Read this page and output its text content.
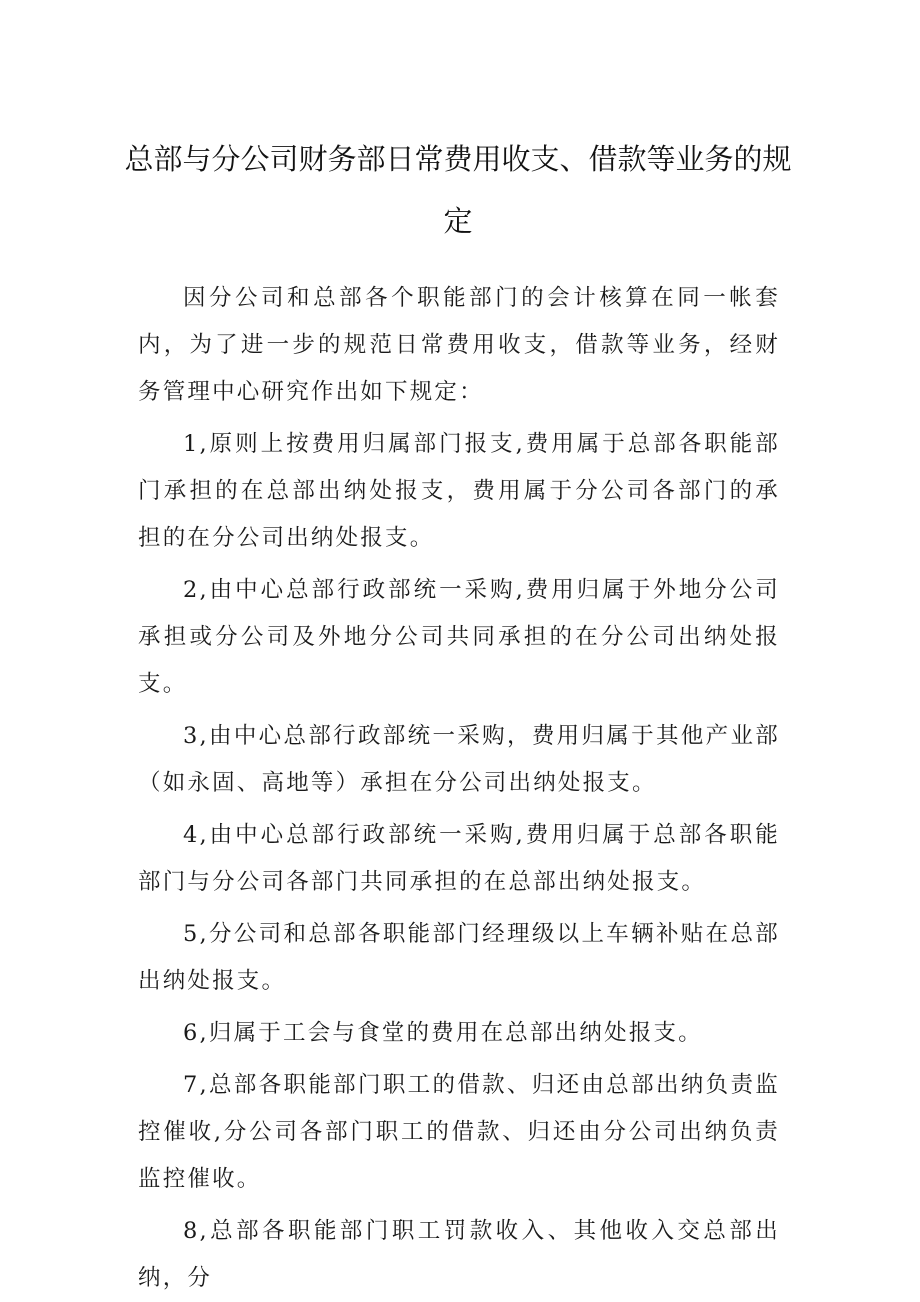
总部与分公司财务部日常费用收支、借款等业务的规定

因分公司和总部各个职能部门的会计核算在同一帐套内，为了进一步的规范日常费用收支，借款等业务，经财务管理中心研究作出如下规定：

1,原则上按费用归属部门报支,费用属于总部各职能部门承担的在总部出纳处报支，费用属于分公司各部门的承担的在分公司出纳处报支。

2,由中心总部行政部统一采购,费用归属于外地分公司承担或分公司及外地分公司共同承担的在分公司出纳处报支。

3,由中心总部行政部统一采购，费用归属于其他产业部（如永固、高地等）承担在分公司出纳处报支。

4,由中心总部行政部统一采购,费用归属于总部各职能部门与分公司各部门共同承担的在总部出纳处报支。

5,分公司和总部各职能部门经理级以上车辆补贴在总部出纳处报支。

6,归属于工会与食堂的费用在总部出纳处报支。

7,总部各职能部门职工的借款、归还由总部出纳负责监控催收,分公司各部门职工的借款、归还由分公司出纳负责监控催收。

8,总部各职能部门职工罚款收入、其他收入交总部出纳，分
